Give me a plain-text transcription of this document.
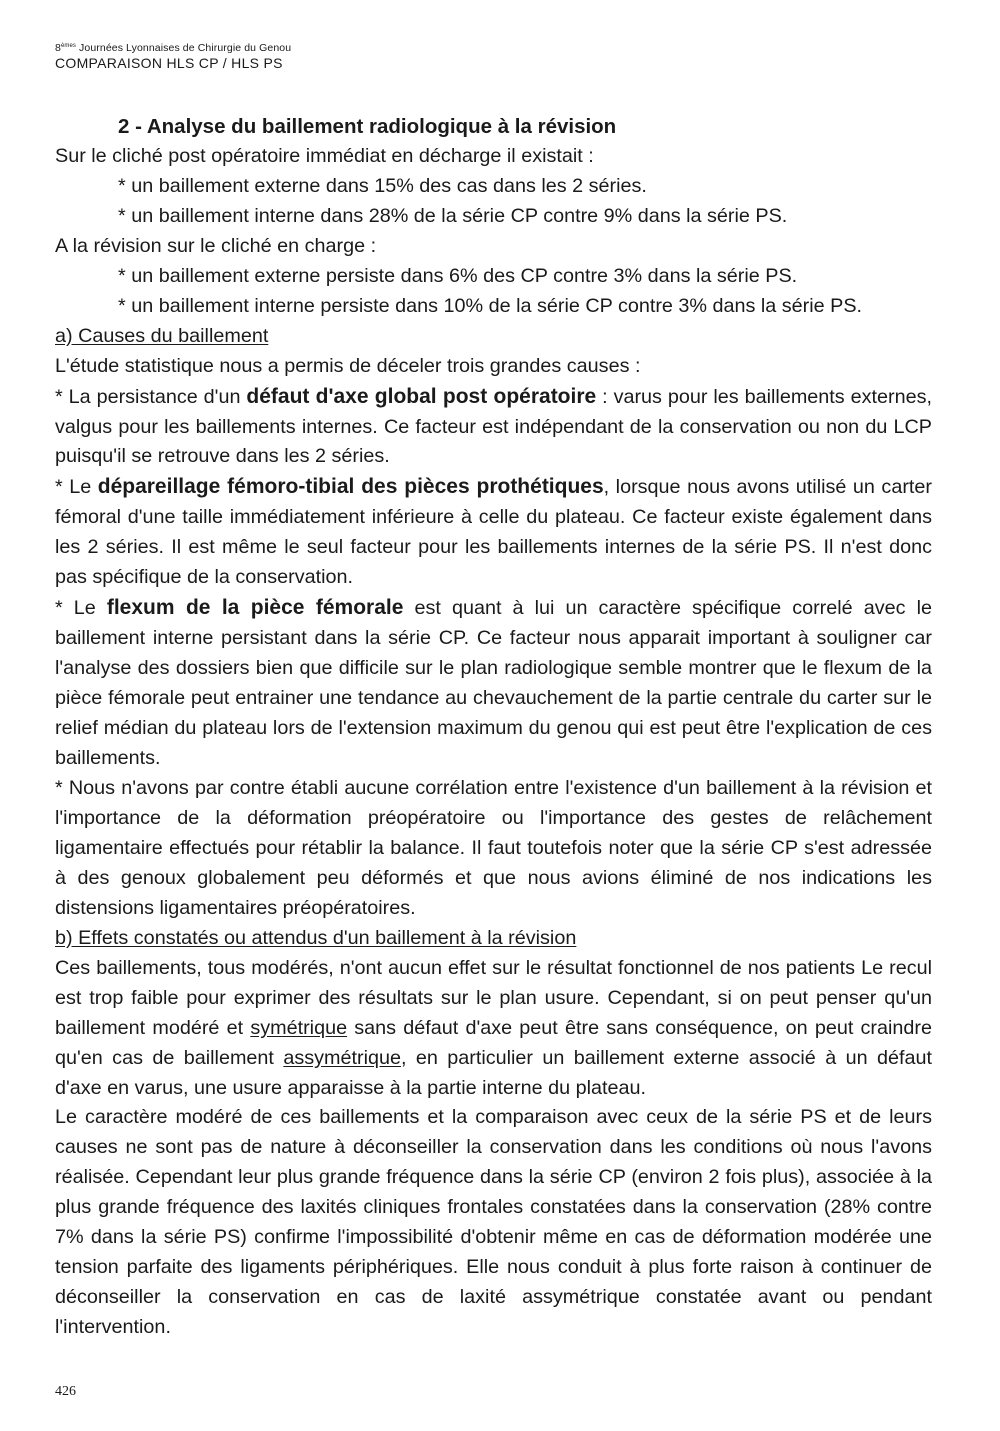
8èmes Journées Lyonnaises de Chirurgie du Genou
COMPARAISON HLS CP / HLS PS

2 - Analyse du baillement radiologique à la révision

Sur le cliché post opératoire immédiat en décharge il existait :

* un baillement externe dans 15% des cas dans les 2 séries.

* un baillement interne dans 28% de la série CP contre 9% dans la série PS.

A la révision sur le cliché en charge :

* un baillement externe persiste dans 6% des CP contre 3% dans la série PS.

* un baillement interne persiste dans 10% de la série CP contre 3% dans la série PS.

a) Causes du baillement

L'étude statistique nous a permis de déceler trois grandes causes :

* La persistance d'un défaut d'axe global post opératoire : varus pour les baillements externes, valgus pour les baillements internes. Ce facteur est indépendant de la conservation ou non du LCP puisqu'il se retrouve dans les 2 séries.

* Le dépareillage fémoro-tibial des pièces prothétiques, lorsque nous avons utilisé un carter fémoral d'une taille immédiatement inférieure à celle du plateau. Ce facteur existe également dans les 2 séries. Il est même le seul facteur pour les baillements internes de la série PS. Il n'est donc pas spécifique de la conservation.

* Le flexum de la pièce fémorale est quant à lui un caractère spécifique correlé avec le baillement interne persistant dans la série CP. Ce facteur nous apparait important à souligner car l'analyse des dossiers bien que difficile sur le plan radiologique semble montrer que le flexum de la pièce fémorale peut entrainer une tendance au chevauchement de la partie centrale du carter sur le relief médian du plateau lors de l'extension maximum du genou qui est peut être l'explication de ces baillements.

* Nous n'avons par contre établi aucune corrélation entre l'existence d'un baillement à la révision et l'importance de la déformation préopératoire ou l'importance des gestes de relâchement ligamentaire effectués pour rétablir la balance. Il faut toutefois noter que la série CP s'est adressée à des genoux globalement peu déformés et que nous avions éliminé de nos indications les distensions ligamentaires préopératoires.

b) Effets constatés ou attendus d'un baillement à la révision

Ces baillements, tous modérés, n'ont aucun effet sur le résultat fonctionnel de nos patients Le recul est trop faible pour exprimer des résultats sur le plan usure. Cependant, si on peut penser qu'un baillement modéré et symétrique sans défaut d'axe peut être sans conséquence, on peut craindre qu'en cas de baillement assymétrique, en particulier un baillement externe associé à un défaut d'axe en varus, une usure apparaisse à la partie interne du plateau.

Le caractère modéré de ces baillements et la comparaison avec ceux de la série PS et de leurs causes ne sont pas de nature à déconseiller la conservation dans les conditions où nous l'avons réalisée. Cependant leur plus grande fréquence dans la série CP (environ 2 fois plus), associée à la plus grande fréquence des laxités cliniques frontales constatées dans la conservation (28% contre 7% dans la série PS) confirme l'impossibilité d'obtenir même en cas de déformation modérée une tension parfaite des ligaments périphériques. Elle nous conduit à plus forte raison à continuer de déconseiller la conservation en cas de laxité assymétrique constatée avant ou pendant l'intervention.

426
